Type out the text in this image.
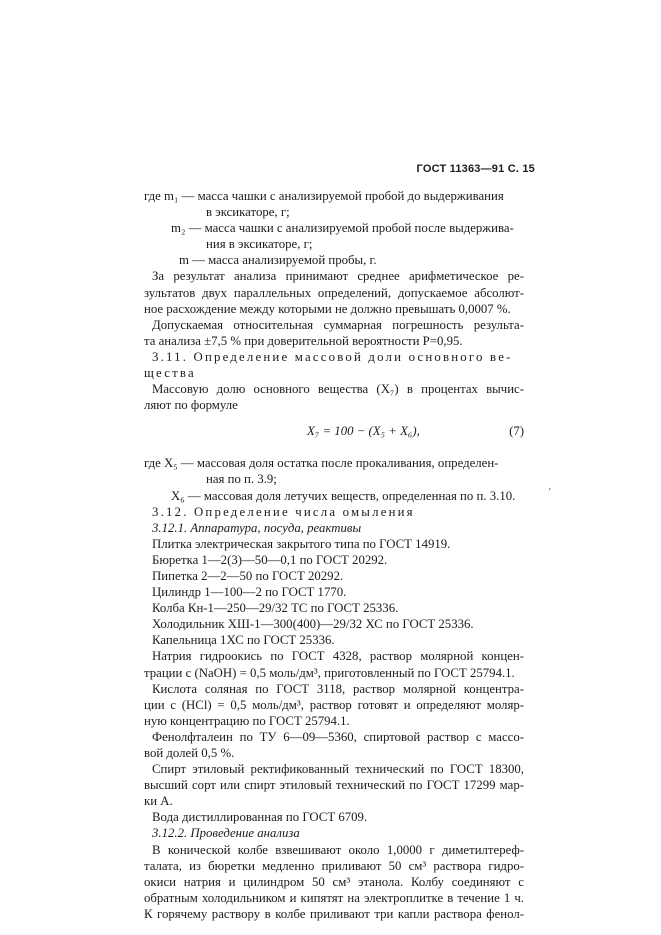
ГОСТ 11363—91 С. 15
где m₁ — масса чашки с анализируемой пробой до выдерживания
в эксикаторе, г;
m₂ — масса чашки с анализируемой пробой после выдержива-
ния в эксикаторе, г;
m — масса анализируемой пробы, г.
За результат анализа принимают среднее арифметическое ре-
зультатов двух параллельных определений, допускаемое абсолют-
ное расхождение между которыми не должно превышать 0,0007 %.
Допускаемая относительная суммарная погрешность результа-
та анализа ±7,5 % при доверительной вероятности P=0,95.
3.11. Определение массовой доли основного ве-
щества
Массовую долю основного вещества (X₇) в процентах вычис-
ляют по формуле
X₇ = 100 − (X₅ + X₆),	(7)
где X₅ — массовая доля остатка после прокаливания, определен-
ная по п. 3.9;
X₆ — массовая доля летучих веществ, определенная по п. 3.10.
3.12. Определение числа омыления
3.12.1. Аппаратура, посуда, реактивы
Плитка электрическая закрытого типа по ГОСТ 14919.
Бюретка 1—2(3)—50—0,1 по ГОСТ 20292.
Пипетка 2—2—50 по ГОСТ 20292.
Цилиндр 1—100—2 по ГОСТ 1770.
Колба Кн-1—250—29/32 ТС по ГОСТ 25336.
Холодильник ХШ-1—300(400)—29/32 ХС по ГОСТ 25336.
Капельница 1ХС по ГОСТ 25336.
Натрия гидроокись по ГОСТ 4328, раствор молярной концен-
трации с (NaOH) = 0,5 моль/дм³, приготовленный по ГОСТ 25794.1.
Кислота соляная по ГОСТ 3118, раствор молярной концентра-
ции с (HCl) = 0,5 моль/дм³, раствор готовят и определяют моляр-
ную концентрацию по ГОСТ 25794.1.
Фенолфталеин по ТУ 6—09—5360, спиртовой раствор с массо-
вой долей 0,5 %.
Спирт этиловый ректификованный технический по ГОСТ 18300,
высший сорт или спирт этиловый технический по ГОСТ 17299 мар-
ки А.
Вода дистиллированная по ГОСТ 6709.
3.12.2. Проведение анализа
В конической колбе взвешивают около 1,0000 г диметилтереф-
талата, из бюретки медленно приливают 50 см³ раствора гидро-
окиси натрия и цилиндром 50 см³ этанола. Колбу соединяют с
обратным холодильником и кипятят на электроплитке в течение 1 ч.
К горячему раствору в колбе приливают три капли раствора фенол-
’
